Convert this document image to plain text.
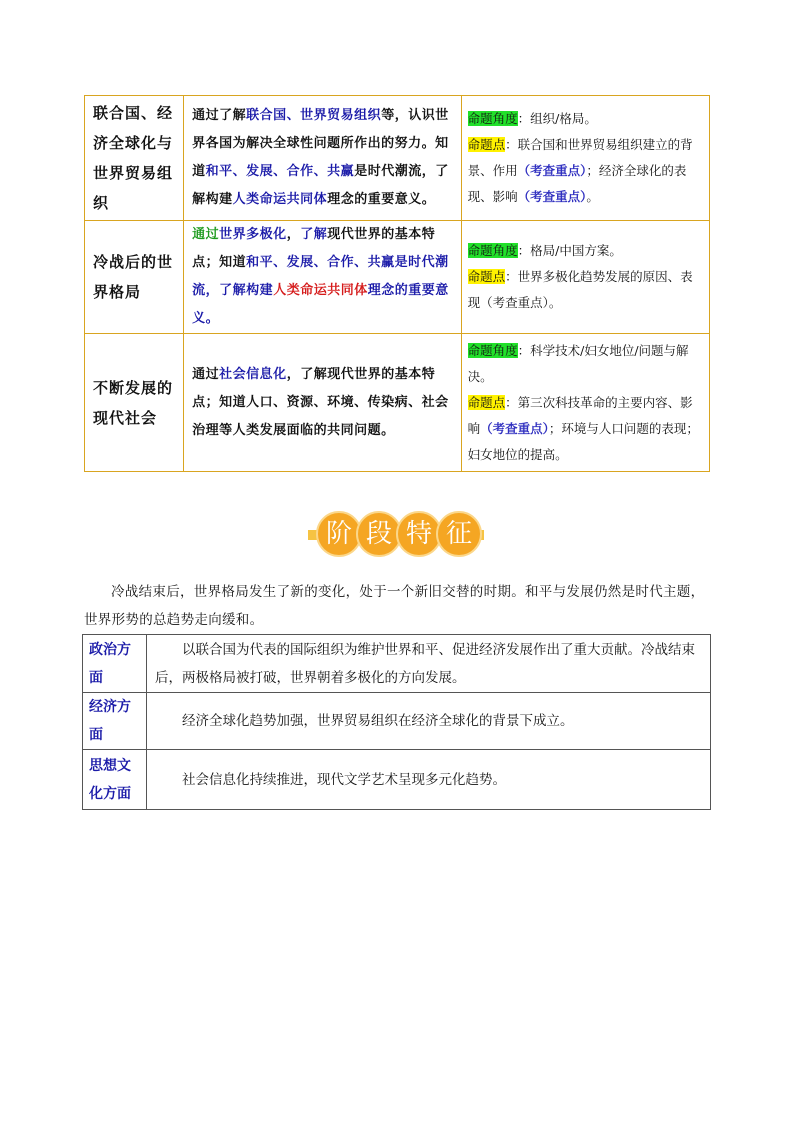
联合国、经济全球化与世界贸易组织	通过了解联合国、世界贸易组织等，认识世界各国为解决全球性问题所作出的努力。知道和平、发展、合作、共赢是时代潮流，了解构建人类命运共同体理念的重要意义。	命题角度：组织/格局。
命题点：联合国和世界贸易组织建立的背景、作用（考查重点）；经济全球化的表现、影响（考查重点）。

冷战后的世界格局	通过世界多极化，了解现代世界的基本特点；知道和平、发展、合作、共赢是时代潮流，了解构建人类命运共同体理念的重要意义。	命题角度：格局/中国方案。
命题点：世界多极化趋势发展的原因、表现（考查重点）。

不断发展的现代社会	通过社会信息化，了解现代世界的基本特点；知道人口、资源、环境、传染病、社会治理等人类发展面临的共同问题。	命题角度：科学技术/妇女地位/问题与解决。
命题点：第三次科技革命的主要内容、影响（考查重点）；环境与人口问题的表现；妇女地位的提高。
阶 段 特 征
冷战结束后，世界格局发生了新的变化，处于一个新旧交替的时期。和平与发展仍然是时代主题，世界形势的总趋势走向缓和。
政治方面	以联合国为代表的国际组织为维护世界和平、促进经济发展作出了重大贡献。冷战结束后，两极格局被打破，世界朝着多极化的方向发展。

经济方面	经济全球化趋势加强，世界贸易组织在经济全球化的背景下成立。

思想文化方面	社会信息化持续推进，现代文学艺术呈现多元化趋势。
